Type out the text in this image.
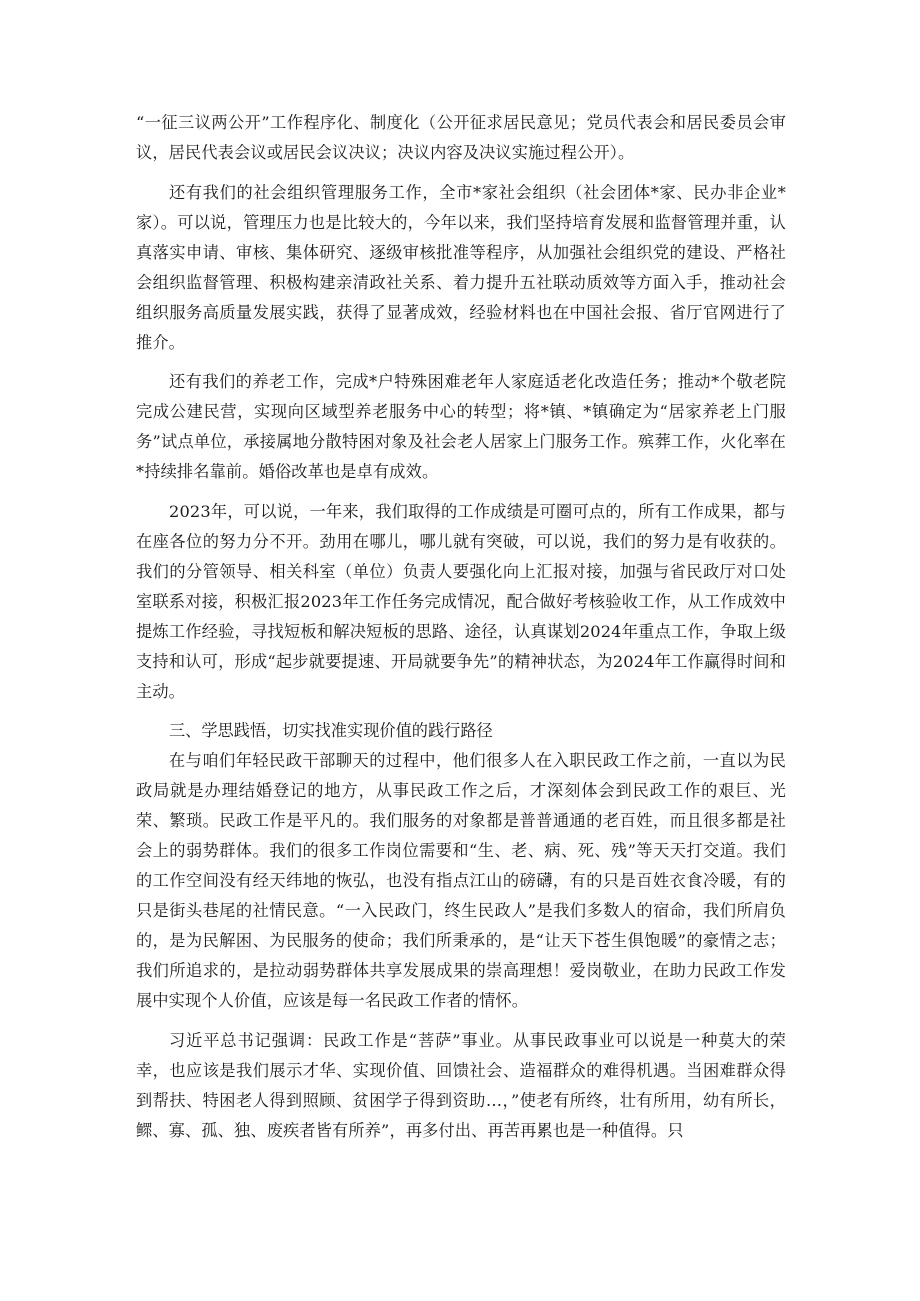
“一征三议两公开”工作程序化、制度化（公开征求居民意见；党员代表会和居民委员会审议，居民代表会议或居民会议决议；决议内容及决议实施过程公开）。

还有我们的社会组织管理服务工作，全市*家社会组织（社会团体*家、民办非企业*家）。可以说，管理压力也是比较大的，今年以来，我们坚持培育发展和监督管理并重，认真落实申请、审核、集体研究、逐级审核批准等程序，从加强社会组织党的建设、严格社会组织监督管理、积极构建亲清政社关系、着力提升五社联动质效等方面入手，推动社会组织服务高质量发展实践，获得了显著成效，经验材料也在中国社会报、省厅官网进行了推介。

还有我们的养老工作，完成*户特殊困难老年人家庭适老化改造任务；推动*个敬老院完成公建民营，实现向区域型养老服务中心的转型；将*镇、*镇确定为“居家养老上门服务”试点单位，承接属地分散特困对象及社会老人居家上门服务工作。殡葬工作，火化率在*持续排名靠前。婚俗改革也是卓有成效。

2023年，可以说，一年来，我们取得的工作成绩是可圈可点的，所有工作成果，都与在座各位的努力分不开。劲用在哪儿，哪儿就有突破，可以说，我们的努力是有收获的。我们的分管领导、相关科室（单位）负责人要强化向上汇报对接，加强与省民政厅对口处室联系对接，积极汇报2023年工作任务完成情况，配合做好考核验收工作，从工作成效中提炼工作经验，寻找短板和解决短板的思路、途径，认真谋划2024年重点工作，争取上级支持和认可，形成“起步就要提速、开局就要争先”的精神状态，为2024年工作赢得时间和主动。

三、学思践悟，切实找准实现价值的践行路径

在与咱们年轻民政干部聊天的过程中，他们很多人在入职民政工作之前，一直以为民政局就是办理结婚登记的地方，从事民政工作之后，才深刻体会到民政工作的艰巨、光荣、繁琐。民政工作是平凡的。我们服务的对象都是普普通通的老百姓，而且很多都是社会上的弱势群体。我们的很多工作岗位需要和“生、老、病、死、残”等天天打交道。我们的工作空间没有经天纬地的恢弘，也没有指点江山的磅礴，有的只是百姓衣食冷暖，有的只是街头巷尾的社情民意。“一入民政门，终生民政人”是我们多数人的宿命，我们所肩负的，是为民解困、为民服务的使命；我们所秉承的，是“让天下苍生俱饱暖”的豪情之志；我们所追求的，是拉动弱势群体共享发展成果的崇高理想！爱岗敬业，在助力民政工作发展中实现个人价值，应该是每一名民政工作者的情怀。

习近平总书记强调：民政工作是“菩萨”事业。从事民政事业可以说是一种莫大的荣幸，也应该是我们展示才华、实现价值、回馈社会、造福群众的难得机遇。当困难群众得到帮扶、特困老人得到照顾、贫困学子得到资助…，”使老有所终，壮有所用，幼有所长，鳏、寡、孤、独、废疾者皆有所养”，再多付出、再苦再累也是一种值得。只
